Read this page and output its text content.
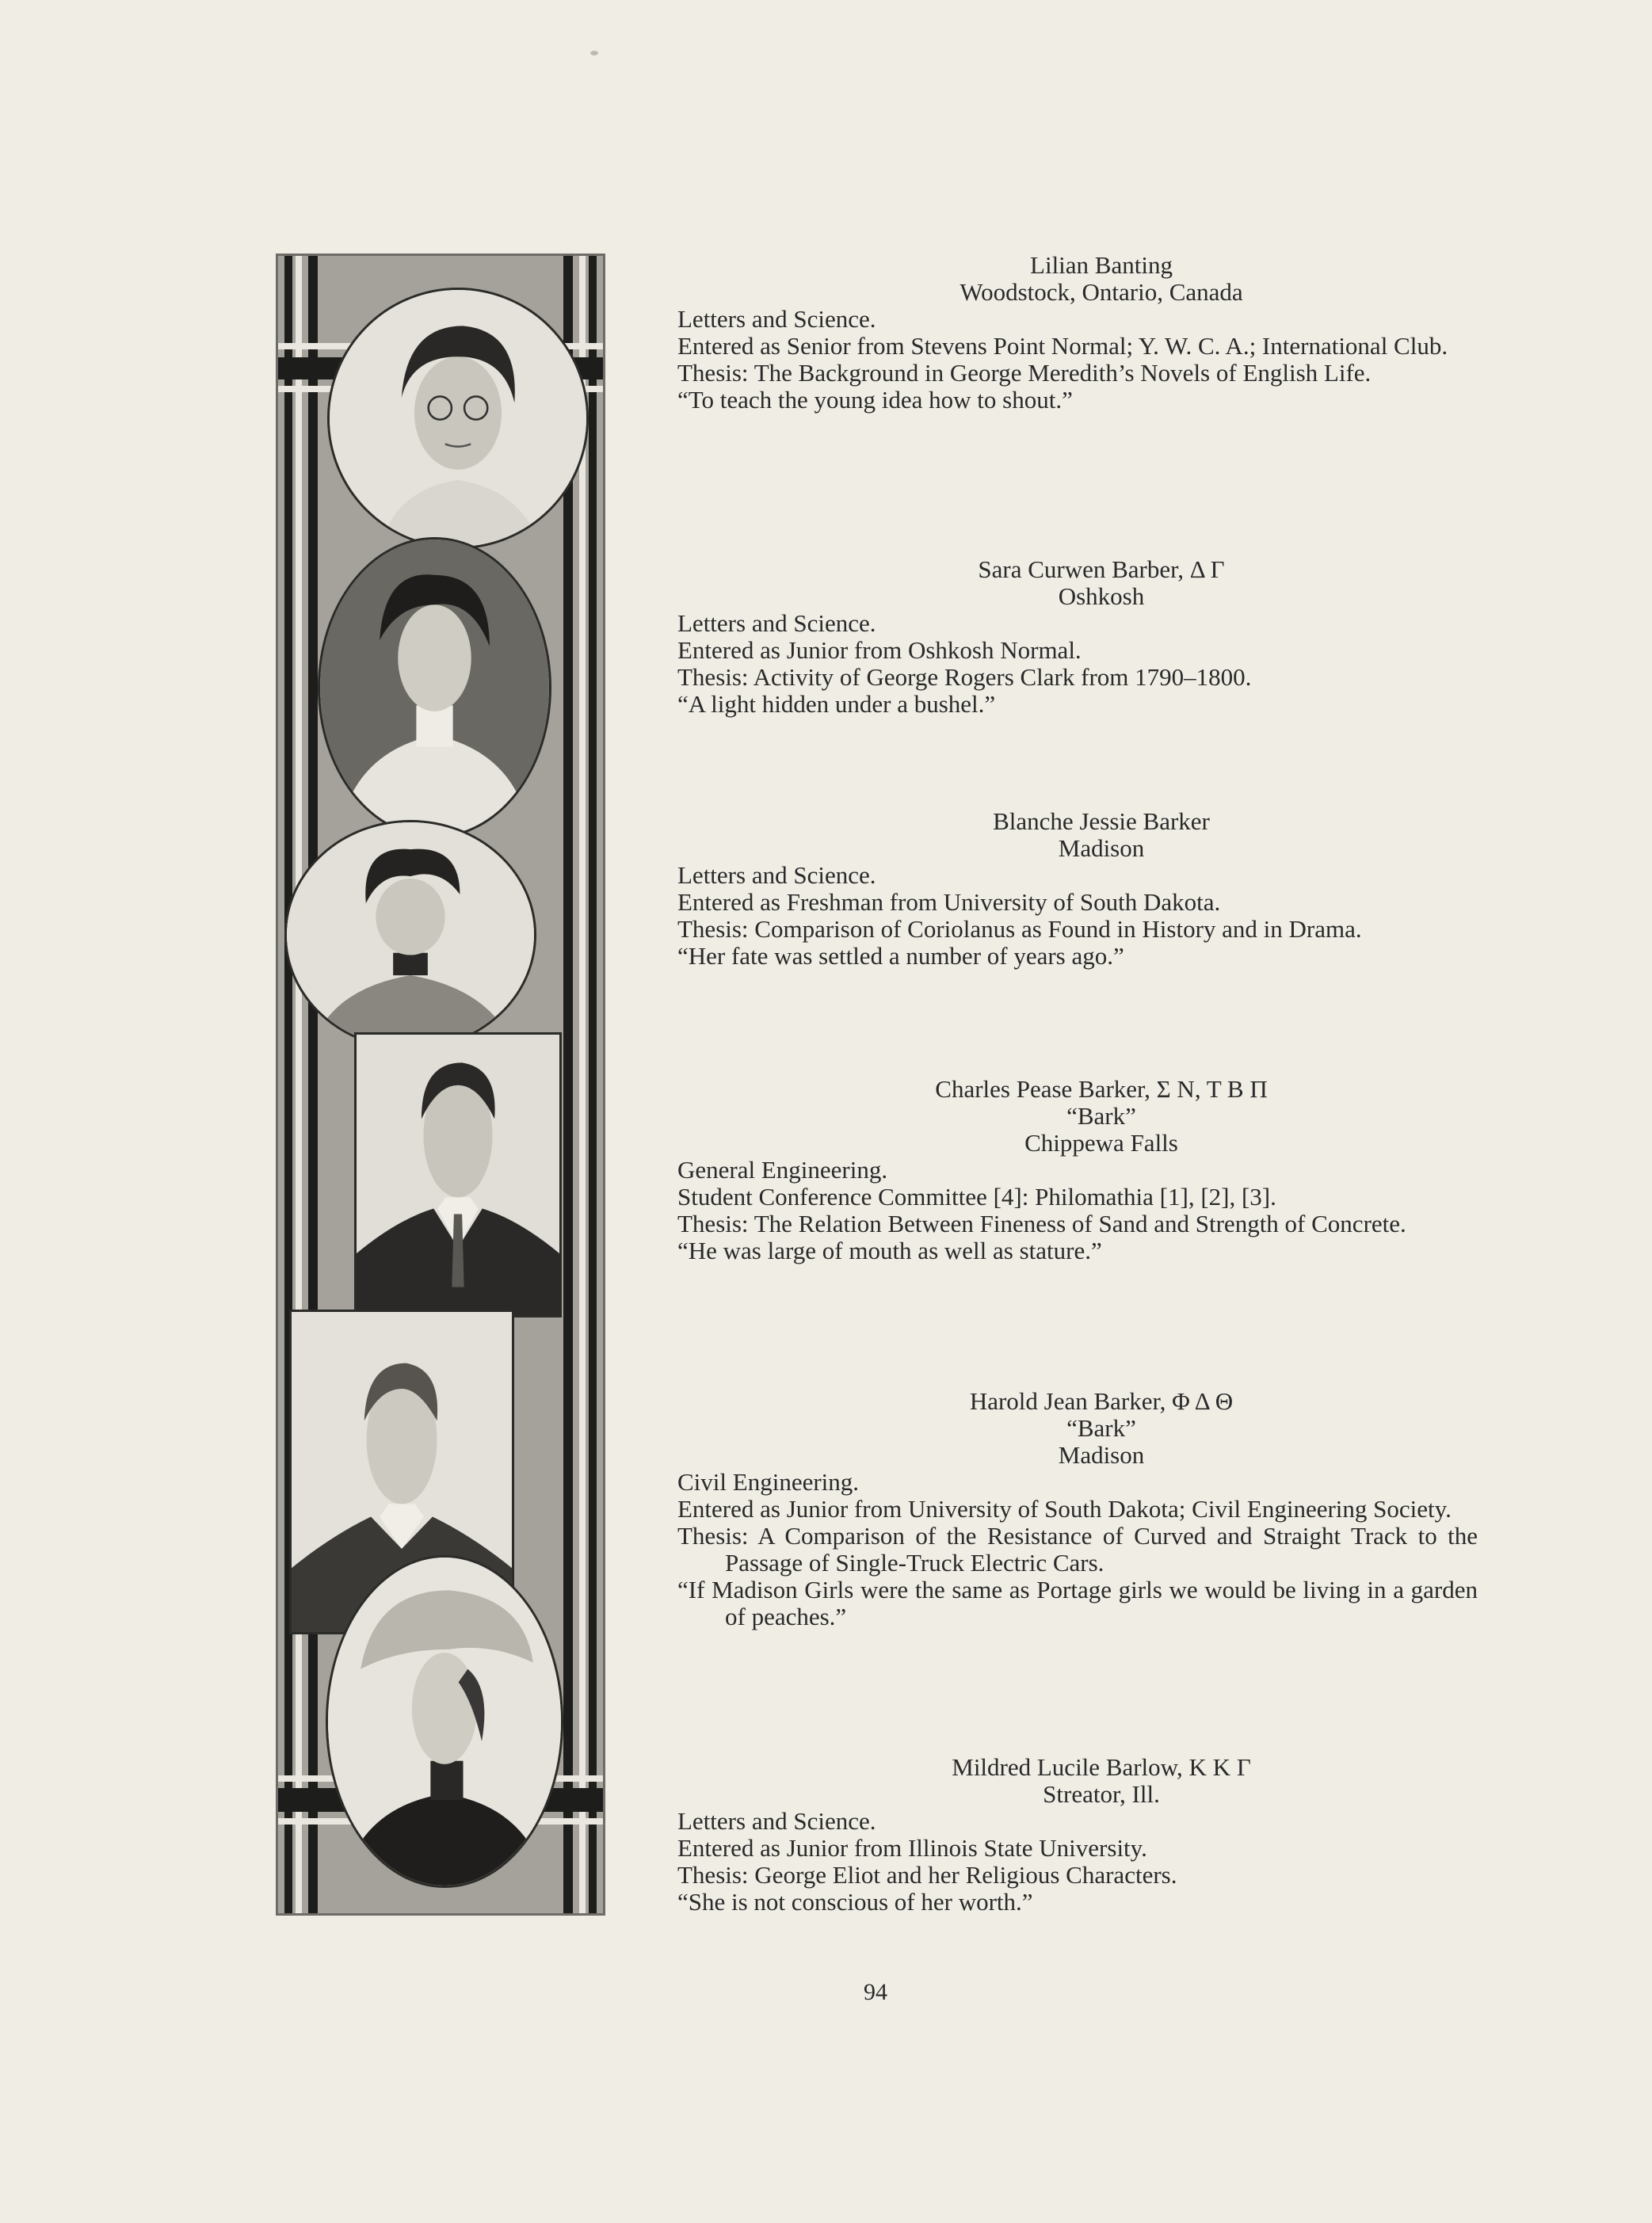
Lilian Banting

Woodstock, Ontario, Canada

Letters and Science.

Entered as Senior from Stevens Point Normal; Y. W. C. A.; International Club.

Thesis: The Background in George Meredith’s Novels of English Life.

“To teach the young idea how to shout.”

Sara Curwen Barber, Δ Γ

Oshkosh

Letters and Science.

Entered as Junior from Oshkosh Normal.

Thesis: Activity of George Rogers Clark from 1790–1800.

“A light hidden under a bushel.”

Blanche Jessie Barker

Madison

Letters and Science.

Entered as Freshman from University of South Dakota.

Thesis: Comparison of Coriolanus as Found in History and in Drama.

“Her fate was settled a number of years ago.”

Charles Pease Barker, Σ N, T B Π

“Bark”

Chippewa Falls

General Engineering.

Student Conference Committee [4]: Philomathia [1], [2], [3].

Thesis: The Relation Between Fineness of Sand and Strength of Concrete.

“He was large of mouth as well as stature.”

Harold Jean Barker, Φ Δ Θ

“Bark”

Madison

Civil Engineering.

Entered as Junior from University of South Dakota; Civil Engineering Society.

Thesis: A Comparison of the Resistance of Curved and Straight Track to the Passage of Single-Truck Electric Cars.

“If Madison Girls were the same as Portage girls we would be living in a garden of peaches.”

Mildred Lucile Barlow, K K Γ

Streator, Ill.

Letters and Science.

Entered as Junior from Illinois State University.

Thesis: George Eliot and her Religious Characters.

“She is not conscious of her worth.”

94
